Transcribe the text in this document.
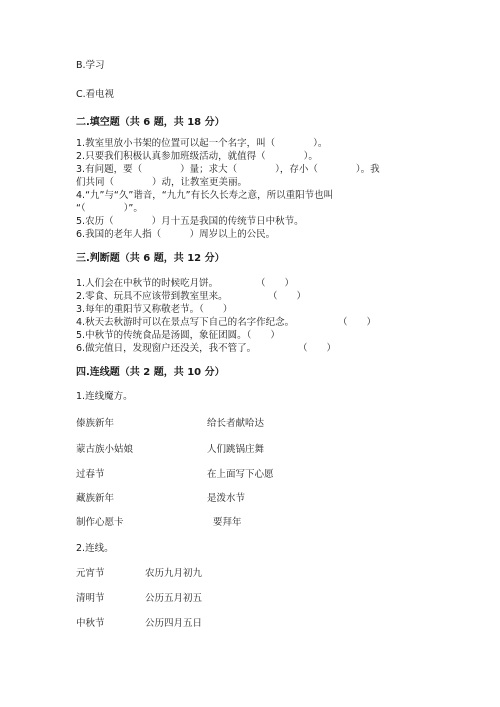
B.学习
C.看电视
二.填空题（共 6 题，共 18 分）
1.教室里放小书架的位置可以起一个名字，叫（　　　　）。
2.只要我们积极认真参加班级活动，就值得（　　　　）。
3.有问题，要（　　　　）量；求大（　　　　），存小（　　　　）。我
们共同（　　　　）动，让教室更美丽。
4.“九”与“久”谐音，“九九”有长久长寿之意，所以重阳节也叫
“（　　　　）”。
5.农历（　　　　）月十五是我国的传统节日中秋节。
6.我国的老年人指（　　　）周岁以上的公民。
三.判断题（共 6 题，共 12 分）
1.人们会在中秋节的时候吃月饼。	（　　）
2.零食、玩具不应该带到教室里来。	（　　）
3.每年的重阳节又称敬老节。（　　）
4.秋天去秋游时可以在景点写下自己的名字作纪念。	（　　）
5.中秋节的传统食品是汤圆，象征团圆。（　　）
6.做完值日，发现窗户还没关，我不管了。	（　　）
四.连线题（共 2 题，共 10 分）
1.连线魔方。
傣族新年	给长者献哈达
蒙古族小姑娘	人们跳锅庄舞
过春节	在上面写下心愿
藏族新年	是泼水节
制作心愿卡	要拜年
2.连线。
元宵节	农历九月初九
清明节	公历五月初五
中秋节	公历四月五日
